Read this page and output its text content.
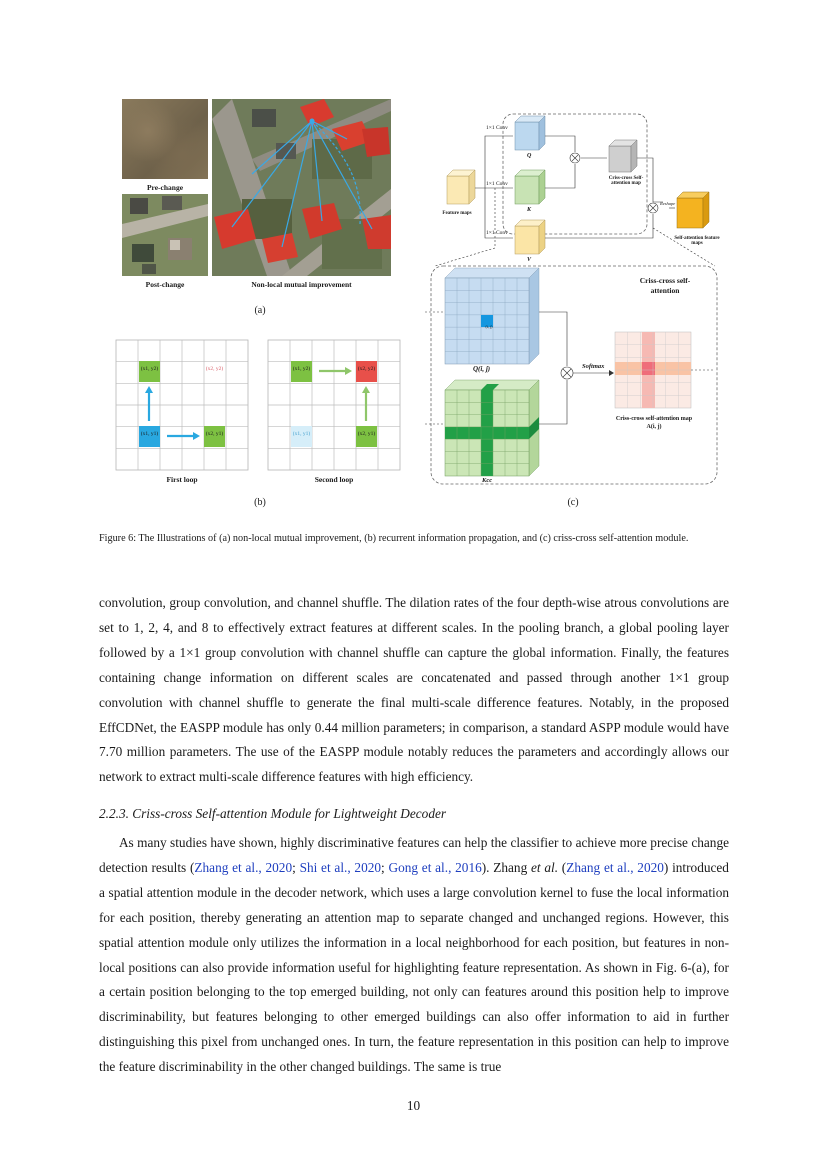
Pre-change
Post-change	Non-local mutual improvement
(a)
(x1, y2)	(x2, y2)
(x1, y1)	(x2, y1)
(x1, y2)	(x2, y2)
(x1, y1)	(x2, y1)
First loop	Second loop
(b)
1×1 Conv
1×1 Conv
1×1 Conv
Q
K
V
Feature maps
Criss-cross Self-attention map
Reshape
Self-attention feature maps
Criss-cross self-attention
(i, j)
Q(i, j)	Softmax
Criss-cross self-attention map A(i, j)
Kcc
(c)
Figure 6: The Illustrations of (a) non-local mutual improvement, (b) recurrent information propagation, and (c) criss-cross self-attention module.

convolution, group convolution, and channel shuffle. The dilation rates of the four depth-wise atrous convolutions are set to 1, 2, 4, and 8 to effectively extract features at different scales. In the pooling branch, a global pooling layer followed by a 1×1 group convolution with channel shuffle can capture the global information. Finally, the features containing change information on different scales are concatenated and passed through another 1×1 group convolution with channel shuffle to generate the final multi-scale difference features. Notably, in the proposed EffCDNet, the EASPP module has only 0.44 million parameters; in comparison, a standard ASPP module would have 7.70 million parameters. The use of the EASPP module notably reduces the parameters and accordingly allows our network to extract multi-scale difference features with high efficiency.

2.2.3. Criss-cross Self-attention Module for Lightweight Decoder

As many studies have shown, highly discriminative features can help the classifier to achieve more precise change detection results (Zhang et al., 2020; Shi et al., 2020; Gong et al., 2016). Zhang et al. (Zhang et al., 2020) introduced a spatial attention module in the decoder network, which uses a large convolution kernel to fuse the local information for each position, thereby generating an attention map to separate changed and unchanged regions. However, this spatial attention module only utilizes the information in a local neighborhood for each position, but features in non-local positions can also provide information useful for highlighting feature representation. As shown in Fig. 6-(a), for a certain position belonging to the top emerged building, not only can features around this position help to improve discriminability, but features belonging to other emerged buildings can also offer information to aid in further distinguishing this pixel from unchanged ones. In turn, the feature representation in this position can help to improve the feature discriminability in the other changed buildings. The same is true

10
